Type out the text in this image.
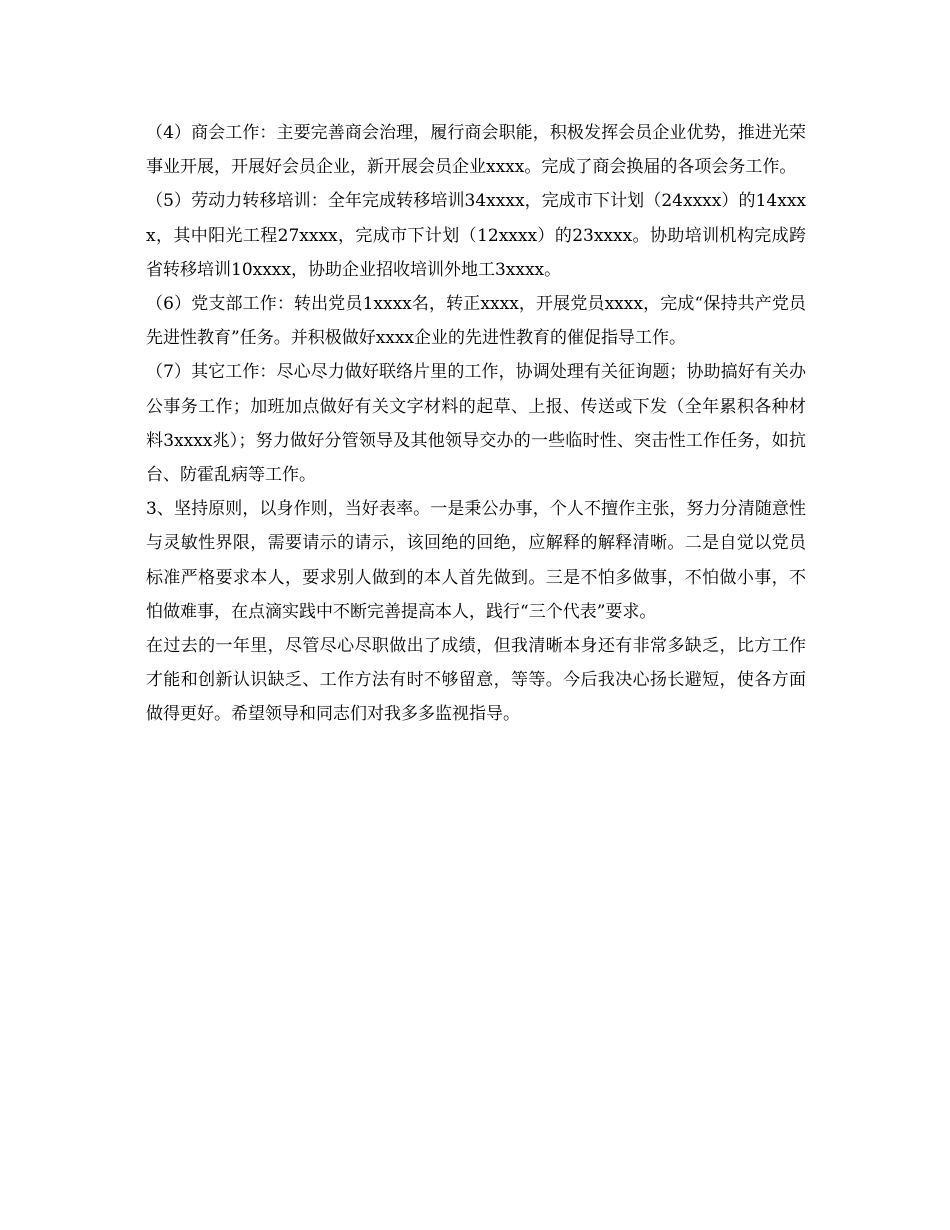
（4）商会工作：主要完善商会治理，履行商会职能，积极发挥会员企业优势，推进光荣事业开展，开展好会员企业，新开展会员企业xxxx。完成了商会换届的各项会务工作。

（5）劳动力转移培训：全年完成转移培训34xxxx，完成市下计划（24xxxx）的14xxxx，其中阳光工程27xxxx，完成市下计划（12xxxx）的23xxxx。协助培训机构完成跨省转移培训10xxxx，协助企业招收培训外地工3xxxx。

（6）党支部工作：转出党员1xxxx名，转正xxxx，开展党员xxxx，完成“保持共产党员先进性教育”任务。并积极做好xxxx企业的先进性教育的催促指导工作。

（7）其它工作：尽心尽力做好联络片里的工作，协调处理有关征询题；协助搞好有关办公事务工作；加班加点做好有关文字材料的起草、上报、传送或下发（全年累积各种材料3xxxx兆）；努力做好分管领导及其他领导交办的一些临时性、突击性工作任务，如抗台、防霍乱病等工作。

3、坚持原则，以身作则，当好表率。一是秉公办事，个人不擅作主张，努力分清随意性与灵敏性界限，需要请示的请示，该回绝的回绝，应解释的解释清晰。二是自觉以党员标准严格要求本人，要求别人做到的本人首先做到。三是不怕多做事，不怕做小事，不怕做难事，在点滴实践中不断完善提高本人，践行“三个代表”要求。

在过去的一年里，尽管尽心尽职做出了成绩，但我清晰本身还有非常多缺乏，比方工作才能和创新认识缺乏、工作方法有时不够留意，等等。今后我决心扬长避短，使各方面做得更好。希望领导和同志们对我多多监视指导。
